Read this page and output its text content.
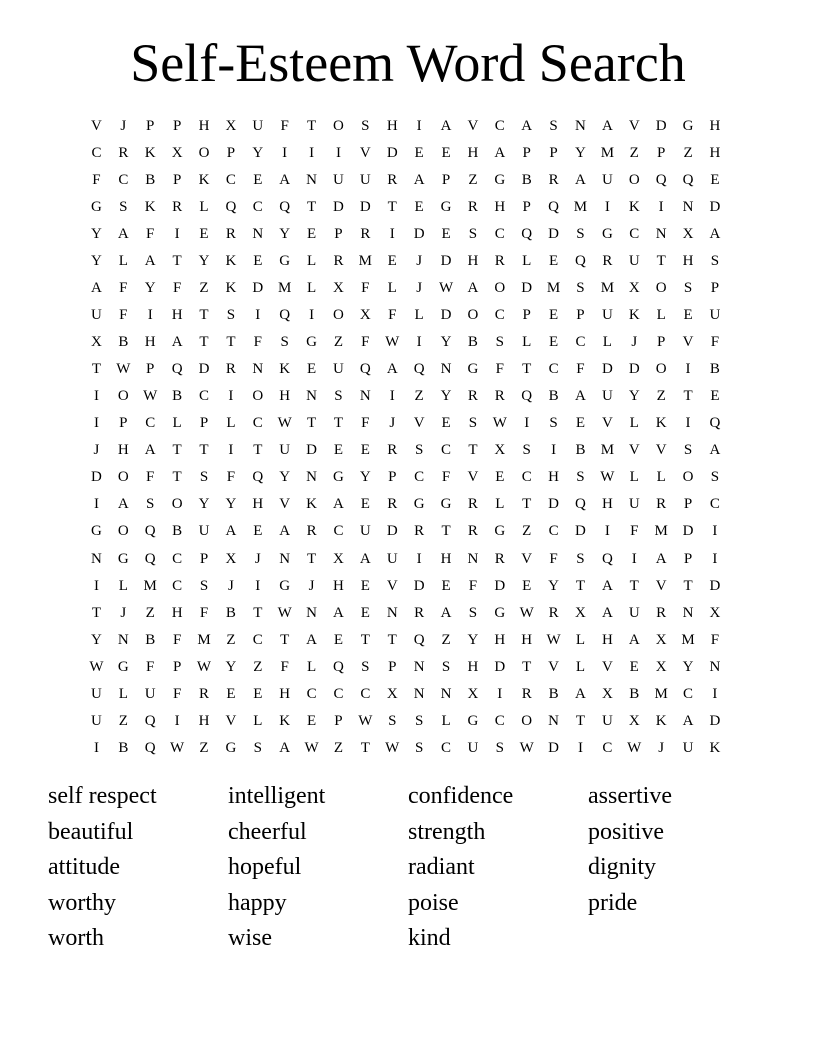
Self-Esteem Word Search
V	J	P	P	H	X	U	F	T	O	S	H	I	A	V	C	A	S	N	A	V	D	G	H
C	R	K	X	O	P	Y	I	I	I	V	D	E	E	H	A	P	P	Y M	Z	P	Z	H
F	C	B	P	K	C	E	A	N	U	U	R	A	P	Z	G	B	R	A	U	O	Q	Q	E
G	S	K	R	L	Q	C	Q	T	D	D	T	E	G	R	H	P	Q M	I	K	I	N	D
Y	A	F	I	E	R	N	Y	E	P	R	I	D	E	S	C	Q	D	S	G	C	N	X	A
Y	L	A	T	Y	K	E	G	L	R	M	E	J	D	H	R	L	E	Q	R	U	T	H	S
A	F	Y	F	Z	K	D M	L	X	F	L	J	W A	O	D M	S	M X	O	S	P
U	F	I	H	T	S	I	Q	I	O	X	F	L	D	O	C	P	E	P	U	K	L	E	U
X	B	H	A	T	T	F	S	G	Z	F	W	I	Y	B	S	L	E	C	L	J	P	V	F
T	W	P	Q	D	R	N	K	E	U	Q	A	Q	N	G	F	T	C	F	D	D	O	I	B
I	O W B	C	I	O	H	N	S	N	I	Z	Y	R	R	Q	B	A	U	Y	Z	T	E
I	P	C	L	P	L	C W	T	T	F	J	V	E	S	W	I	S	E	V	L	K	I	Q
J	H	A	T	T	I	T	U	D	E	E	R	S	C	T	X	S	I	B	M V	V	S	A
D	O	F	T	S	F	Q	Y	N	G	Y	P	C	F	V	E	C	H	S	W	L	L	O	S
I	A	S	O	Y	Y	H	V	K	A	E	R	G	G	R	L	T	D	Q	H	U	R	P	C
G	O	Q	B	U	A	E	A	R	C	U	D	R	T	R	G	Z	C	D	I	F	M D	I
N	G	Q	C	P	X	J	N	T	X	A	U	I	H	N	R	V	F	S	Q	I	A	P	I
I	L	M	C	S	J	I	G	J	H	E	V	D	E	F	D	E	Y	T	A	T	V	T	D
T	J	Z	H	F	B	T	W N	A	E	N	R	A	S	G W R	X	A	U	R	N	X
Y	N	B	F	M	Z	C	T	A	E	T	T	Q	Z	Y	H	H W	L	H	A	X M	F
W G	F	P	W Y	Z	F	L	Q	S	P	N	S	H	D	T	V	L	V	E	X	Y	N
U	L	U	F	R	E	E	H	C	C	C	X	N	N	X	I	R	B	A	X	B	M	C	I
U	Z	Q	I	H	V	L	K	E	P	W	S	S	L	G	C	O	N	T	U	X	K	A	D
I	B	Q W	Z	G	S	A W	Z	T	W	S	C	U	S	W D	I	C W	J	U	K
self respect	intelligent	confidence	assertive
beautiful	cheerful	strength	positive
attitude	hopeful	radiant	dignity
worthy	happy	poise	pride
worth	wise	kind
